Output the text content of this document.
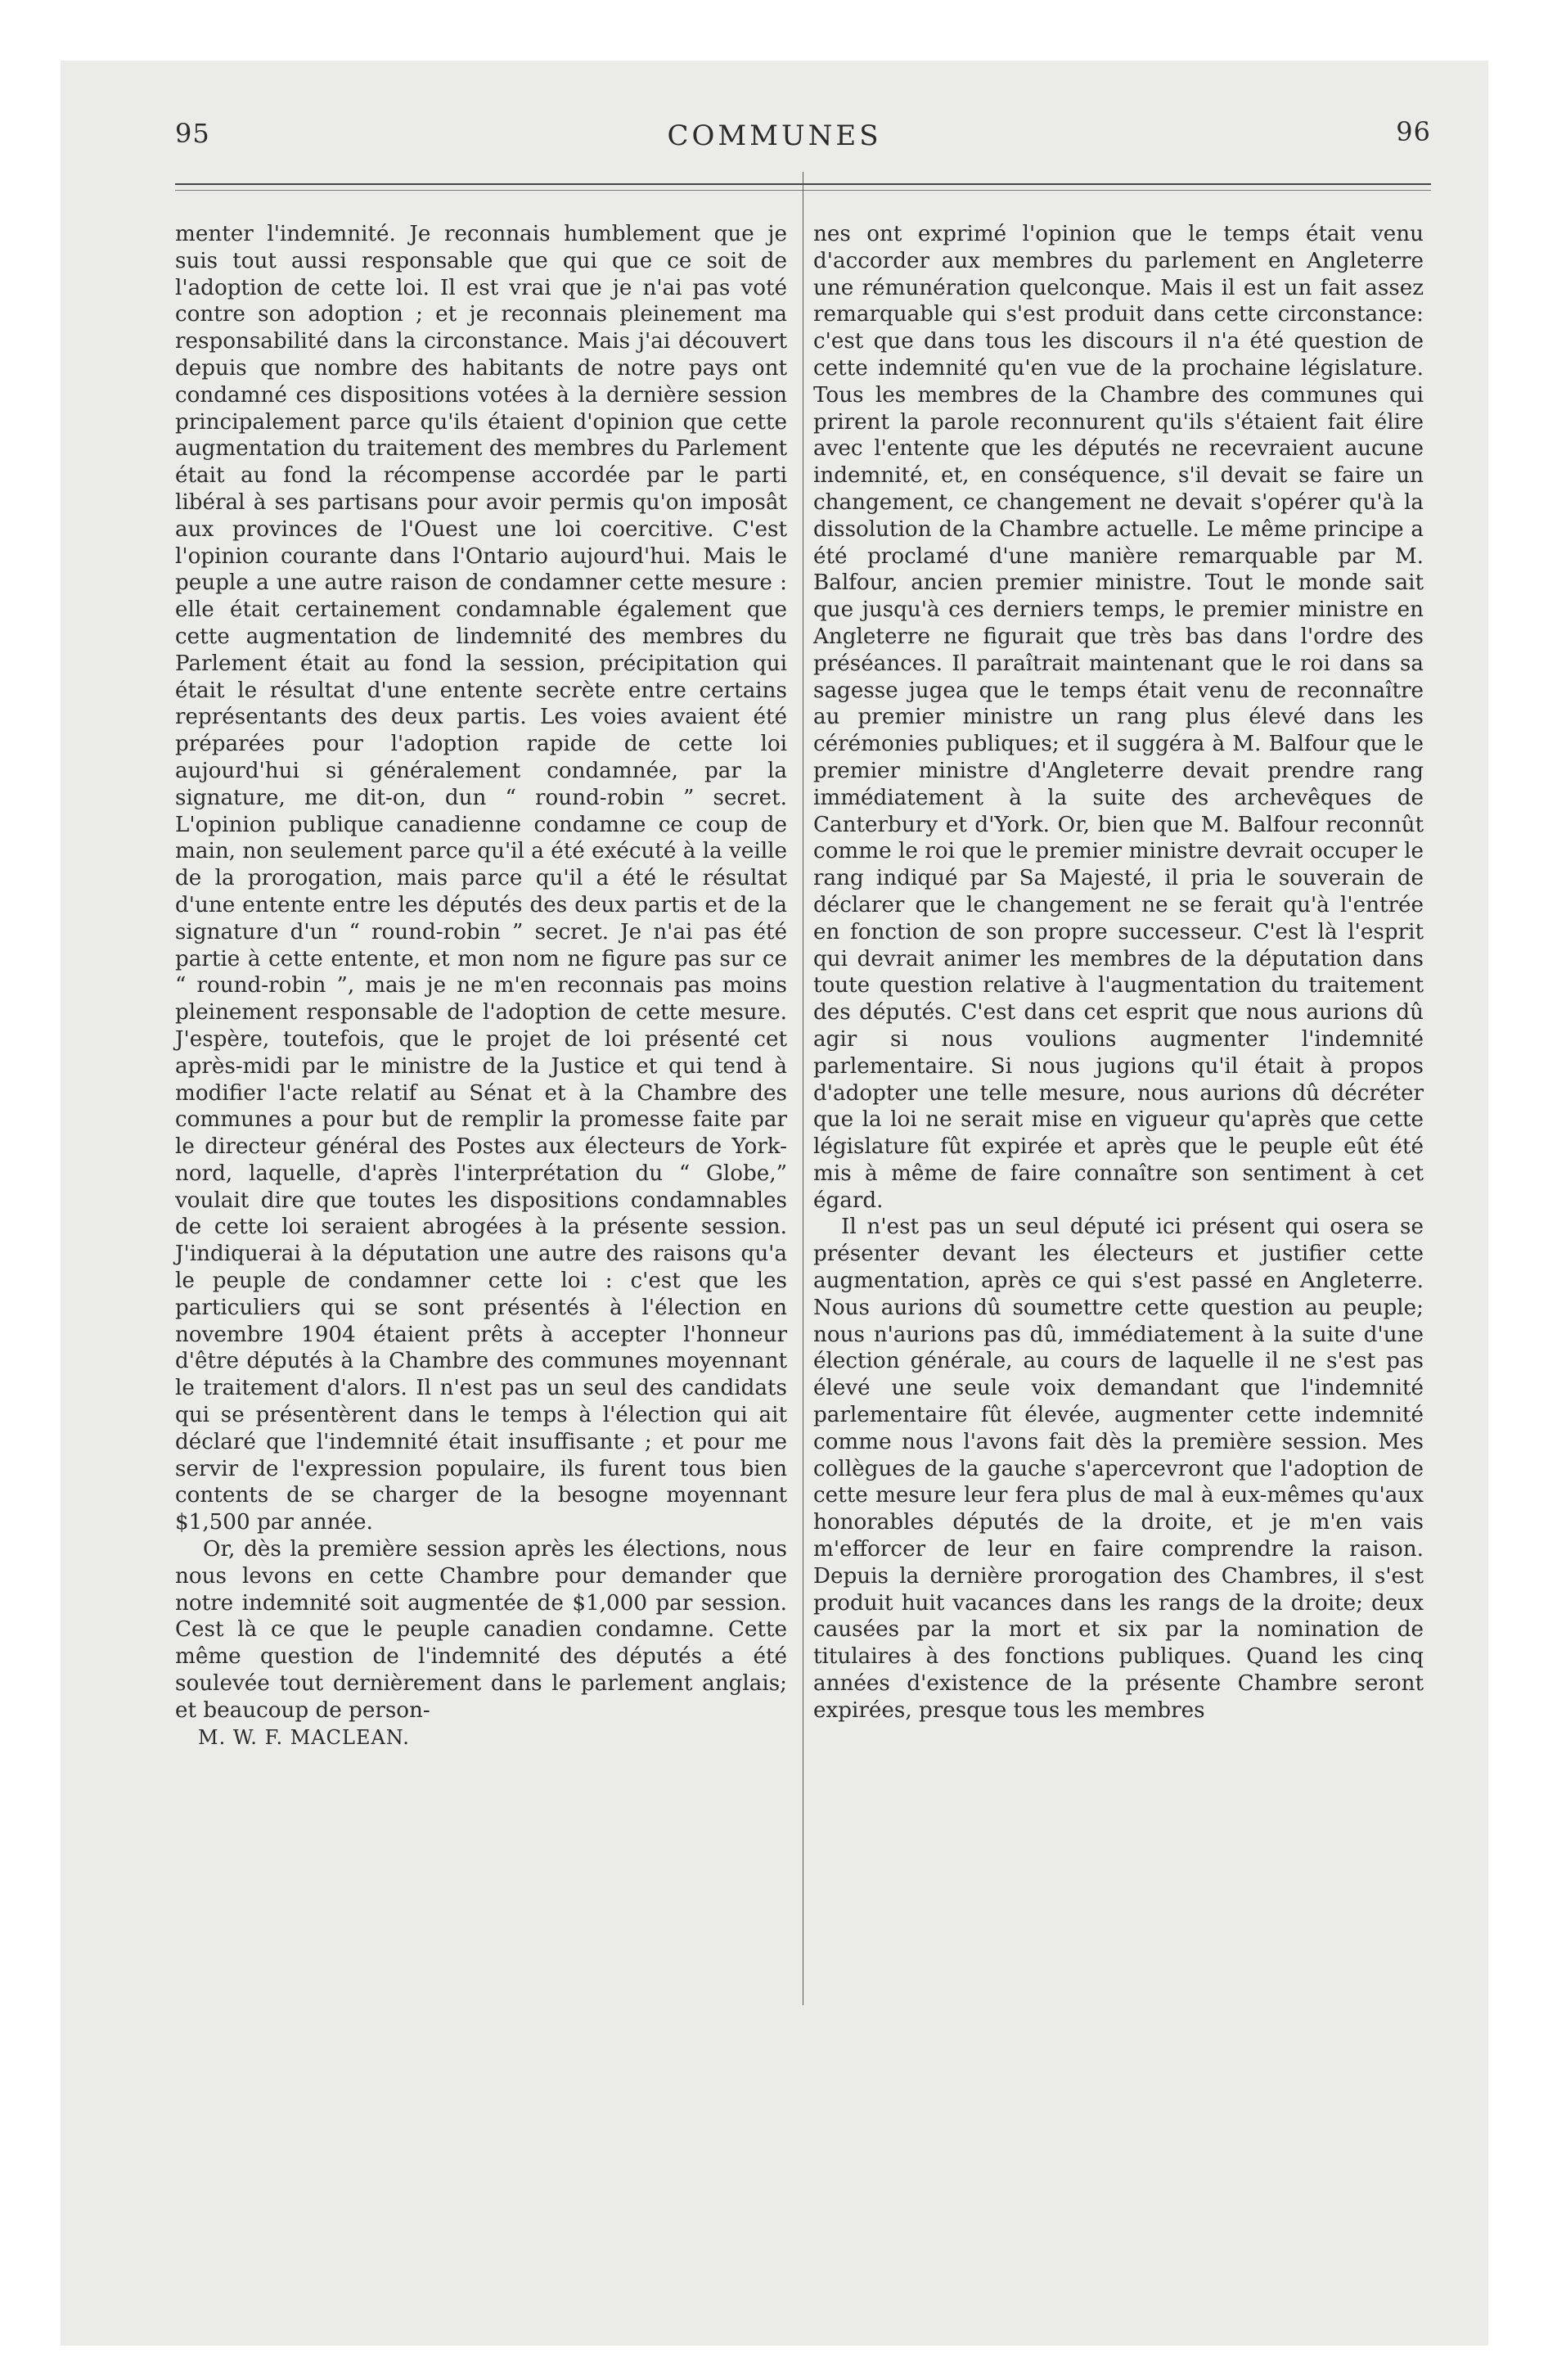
95	COMMUNES	96

menter l'indemnité. Je reconnais humblement que je suis tout aussi responsable que qui que ce soit de l'adoption de cette loi. Il est vrai que je n'ai pas voté contre son adoption ; et je reconnais pleinement ma responsabilité dans la circonstance. Mais j'ai découvert depuis que nombre des habitants de notre pays ont condamné ces dispositions votées à la dernière session principalement parce qu'ils étaient d'opinion que cette augmentation du traitement des membres du Parlement était au fond la récompense accordée par le parti libéral à ses partisans pour avoir permis qu'on imposât aux provinces de l'Ouest une loi coercitive. C'est l'opinion courante dans l'Ontario aujourd'hui. Mais le peuple a une autre raison de condamner cette mesure : elle était certainement condamnable également que cette augmentation de lindemnité des membres du Parlement était au fond la session, précipitation qui était le résultat d'une entente secrète entre certains représentants des deux partis. Les voies avaient été préparées pour l'adoption rapide de cette loi aujourd'hui si généralement condamnée, par la signature, me dit-on, dun “ round-robin ” secret. L'opinion publique canadienne condamne ce coup de main, non seulement parce qu'il a été exécuté à la veille de la prorogation, mais parce qu'il a été le résultat d'une entente entre les députés des deux partis et de la signature d'un “ round-robin ” secret. Je n'ai pas été partie à cette entente, et mon nom ne figure pas sur ce “ round-robin ”, mais je ne m'en reconnais pas moins pleinement responsable de l'adoption de cette mesure. J'espère, toutefois, que le projet de loi présenté cet après-midi par le ministre de la Justice et qui tend à modifier l'acte relatif au Sénat et à la Chambre des communes a pour but de remplir la promesse faite par le directeur général des Postes aux électeurs de York-nord, laquelle, d'après l'interprétation du “ Globe,” voulait dire que toutes les dispositions condamnables de cette loi seraient abrogées à la présente session. J'indiquerai à la députation une autre des raisons qu'a le peuple de condamner cette loi : c'est que les particuliers qui se sont présentés à l'élection en novembre 1904 étaient prêts à accepter l'honneur d'être députés à la Chambre des communes moyennant le traitement d'alors. Il n'est pas un seul des candidats qui se présentèrent dans le temps à l'élection qui ait déclaré que l'indemnité était insuffisante ; et pour me servir de l'expression populaire, ils furent tous bien contents de se charger de la besogne moyennant $1,500 par année.

Or, dès la première session après les élections, nous nous levons en cette Chambre pour demander que notre indemnité soit augmentée de $1,000 par session. Cest là ce que le peuple canadien condamne. Cette même question de l'indemnité des députés a été soulevée tout dernièrement dans le parlement anglais; et beaucoup de person-

M. W. F. MACLEAN.

nes ont exprimé l'opinion que le temps était venu d'accorder aux membres du parlement en Angleterre une rémunération quelconque. Mais il est un fait assez remarquable qui s'est produit dans cette circonstance: c'est que dans tous les discours il n'a été question de cette indemnité qu'en vue de la prochaine législature. Tous les membres de la Chambre des communes qui prirent la parole reconnurent qu'ils s'étaient fait élire avec l'entente que les députés ne recevraient aucune indemnité, et, en conséquence, s'il devait se faire un changement, ce changement ne devait s'opérer qu'à la dissolution de la Chambre actuelle. Le même principe a été proclamé d'une manière remarquable par M. Balfour, ancien premier ministre. Tout le monde sait que jusqu'à ces derniers temps, le premier ministre en Angleterre ne figurait que très bas dans l'ordre des préséances. Il paraîtrait maintenant que le roi dans sa sagesse jugea que le temps était venu de reconnaître au premier ministre un rang plus élevé dans les cérémonies publiques; et il suggéra à M. Balfour que le premier ministre d'Angleterre devait prendre rang immédiatement à la suite des archevêques de Canterbury et d'York. Or, bien que M. Balfour reconnût comme le roi que le premier ministre devrait occuper le rang indiqué par Sa Majesté, il pria le souverain de déclarer que le changement ne se ferait qu'à l'entrée en fonction de son propre successeur. C'est là l'esprit qui devrait animer les membres de la députation dans toute question relative à l'augmentation du traitement des députés. C'est dans cet esprit que nous aurions dû agir si nous voulions augmenter l'indemnité parlementaire. Si nous jugions qu'il était à propos d'adopter une telle mesure, nous aurions dû décréter que la loi ne serait mise en vigueur qu'après que cette législature fût expirée et après que le peuple eût été mis à même de faire connaître son sentiment à cet égard.

Il n'est pas un seul député ici présent qui osera se présenter devant les électeurs et justifier cette augmentation, après ce qui s'est passé en Angleterre. Nous aurions dû soumettre cette question au peuple; nous n'aurions pas dû, immédiatement à la suite d'une élection générale, au cours de laquelle il ne s'est pas élevé une seule voix demandant que l'indemnité parlementaire fût élevée, augmenter cette indemnité comme nous l'avons fait dès la première session. Mes collègues de la gauche s'apercevront que l'adoption de cette mesure leur fera plus de mal à eux-mêmes qu'aux honorables députés de la droite, et je m'en vais m'efforcer de leur en faire comprendre la raison. Depuis la dernière prorogation des Chambres, il s'est produit huit vacances dans les rangs de la droite; deux causées par la mort et six par la nomination de titulaires à des fonctions publiques. Quand les cinq années d'existence de la présente Chambre seront expirées, presque tous les membres
